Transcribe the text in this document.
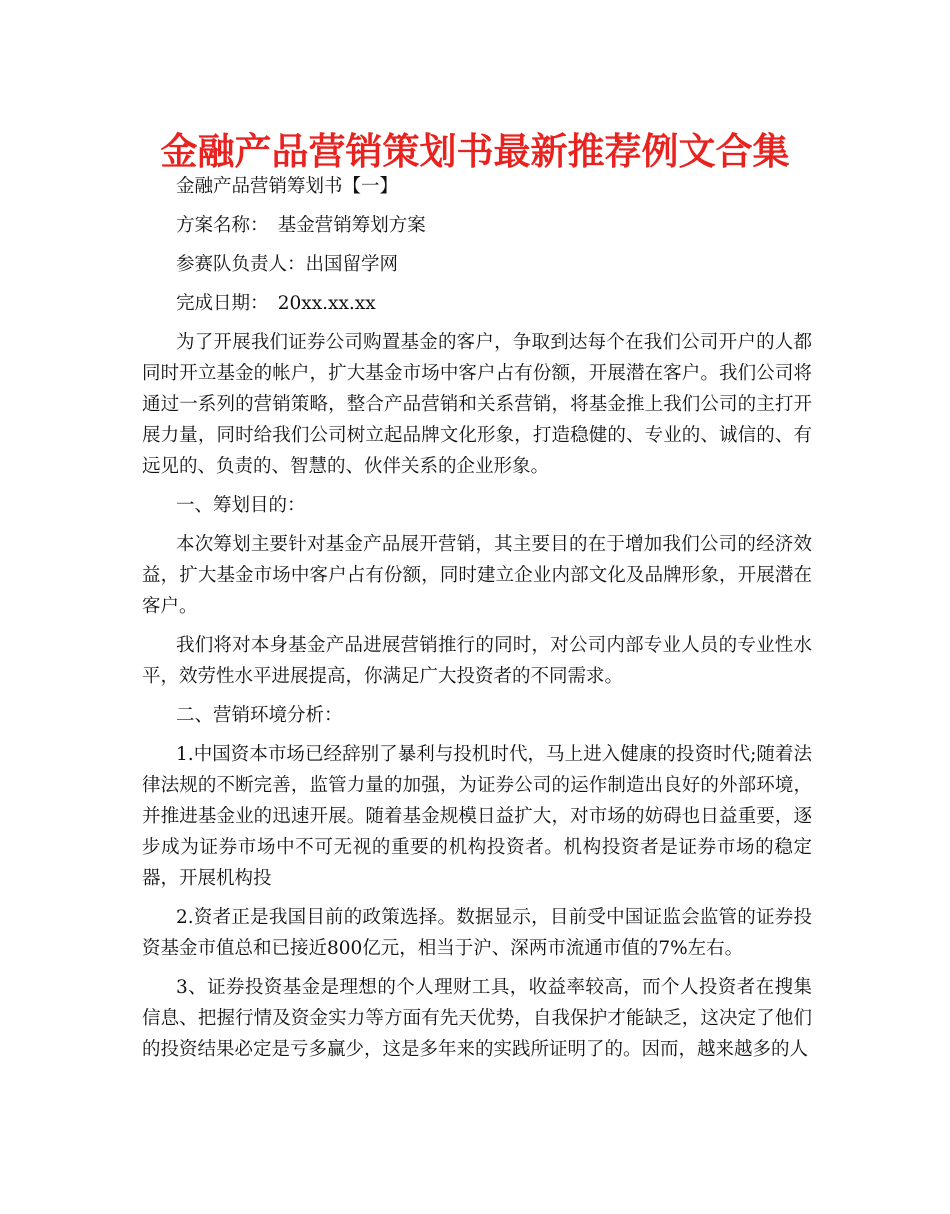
金融产品营销策划书最新推荐例文合集

金融产品营销筹划书【一】

方案名称：　基金营销筹划方案

参赛队负责人：出国留学网

完成日期：　20xx.xx.xx

为了开展我们证券公司购置基金的客户，争取到达每个在我们公司开户的人都同时开立基金的帐户，扩大基金市场中客户占有份额，开展潜在客户。我们公司将通过一系列的营销策略，整合产品营销和关系营销，将基金推上我们公司的主打开展力量，同时给我们公司树立起品牌文化形象，打造稳健的、专业的、诚信的、有远见的、负责的、智慧的、伙伴关系的企业形象。

一、筹划目的：

本次筹划主要针对基金产品展开营销，其主要目的在于增加我们公司的经济效益，扩大基金市场中客户占有份额，同时建立企业内部文化及品牌形象，开展潜在客户。

我们将对本身基金产品进展营销推行的同时，对公司内部专业人员的专业性水平，效劳性水平进展提高，你满足广大投资者的不同需求。

二、营销环境分析：

1.中国资本市场已经辞别了暴利与投机时代，马上进入健康的投资时代;随着法律法规的不断完善，监管力量的加强，为证券公司的运作制造出良好的外部环境，并推进基金业的迅速开展。随着基金规模日益扩大，对市场的妨碍也日益重要，逐步成为证券市场中不可无视的重要的机构投资者。机构投资者是证券市场的稳定器，开展机构投

2.资者正是我国目前的政策选择。数据显示，目前受中国证监会监管的证券投资基金市值总和已接近800亿元，相当于沪、深两市流通市值的7%左右。

3、证券投资基金是理想的个人理财工具，收益率较高，而个人投资者在搜集信息、把握行情及资金实力等方面有先天优势，自我保护才能缺乏，这决定了他们的投资结果必定是亏多赢少，这是多年来的实践所证明了的。因而，越来越多的人
